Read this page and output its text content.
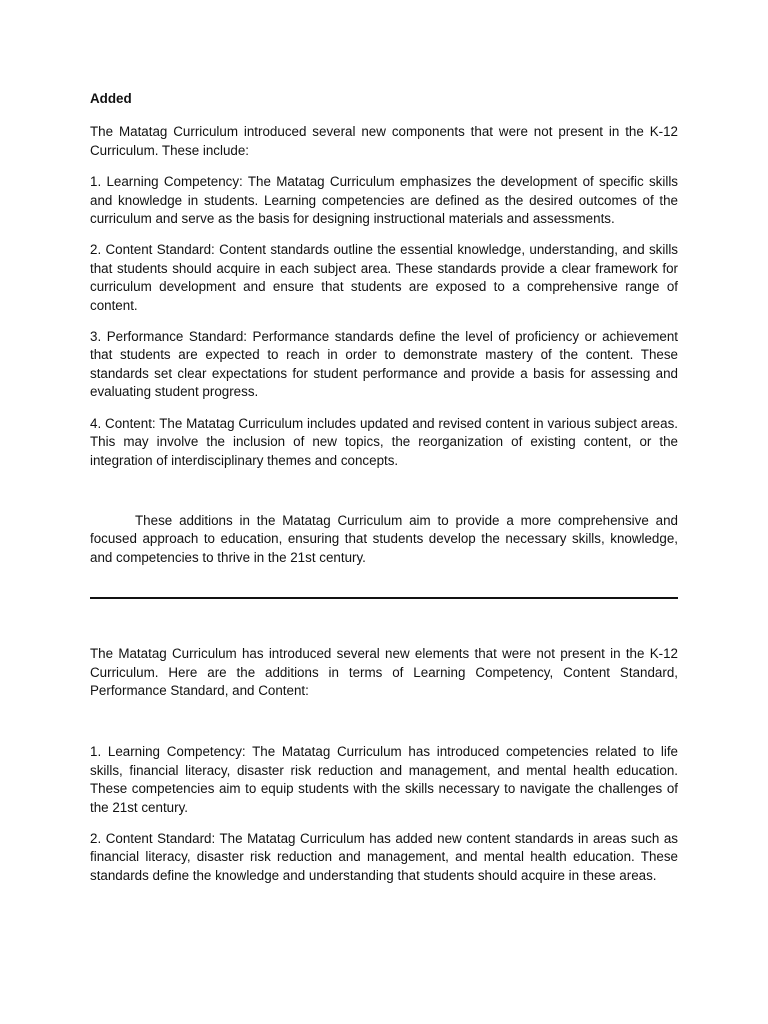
Added

The Matatag Curriculum introduced several new components that were not present in the K-12 Curriculum. These include:

1. Learning Competency: The Matatag Curriculum emphasizes the development of specific skills and knowledge in students. Learning competencies are defined as the desired outcomes of the curriculum and serve as the basis for designing instructional materials and assessments.

2. Content Standard: Content standards outline the essential knowledge, understanding, and skills that students should acquire in each subject area. These standards provide a clear framework for curriculum development and ensure that students are exposed to a comprehensive range of content.

3. Performance Standard: Performance standards define the level of proficiency or achievement that students are expected to reach in order to demonstrate mastery of the content. These standards set clear expectations for student performance and provide a basis for assessing and evaluating student progress.

4. Content: The Matatag Curriculum includes updated and revised content in various subject areas. This may involve the inclusion of new topics, the reorganization of existing content, or the integration of interdisciplinary themes and concepts.

These additions in the Matatag Curriculum aim to provide a more comprehensive and focused approach to education, ensuring that students develop the necessary skills, knowledge, and competencies to thrive in the 21st century.

The Matatag Curriculum has introduced several new elements that were not present in the K-12 Curriculum. Here are the additions in terms of Learning Competency, Content Standard, Performance Standard, and Content:

1. Learning Competency: The Matatag Curriculum has introduced competencies related to life skills, financial literacy, disaster risk reduction and management, and mental health education. These competencies aim to equip students with the skills necessary to navigate the challenges of the 21st century.

2. Content Standard: The Matatag Curriculum has added new content standards in areas such as financial literacy, disaster risk reduction and management, and mental health education. These standards define the knowledge and understanding that students should acquire in these areas.
